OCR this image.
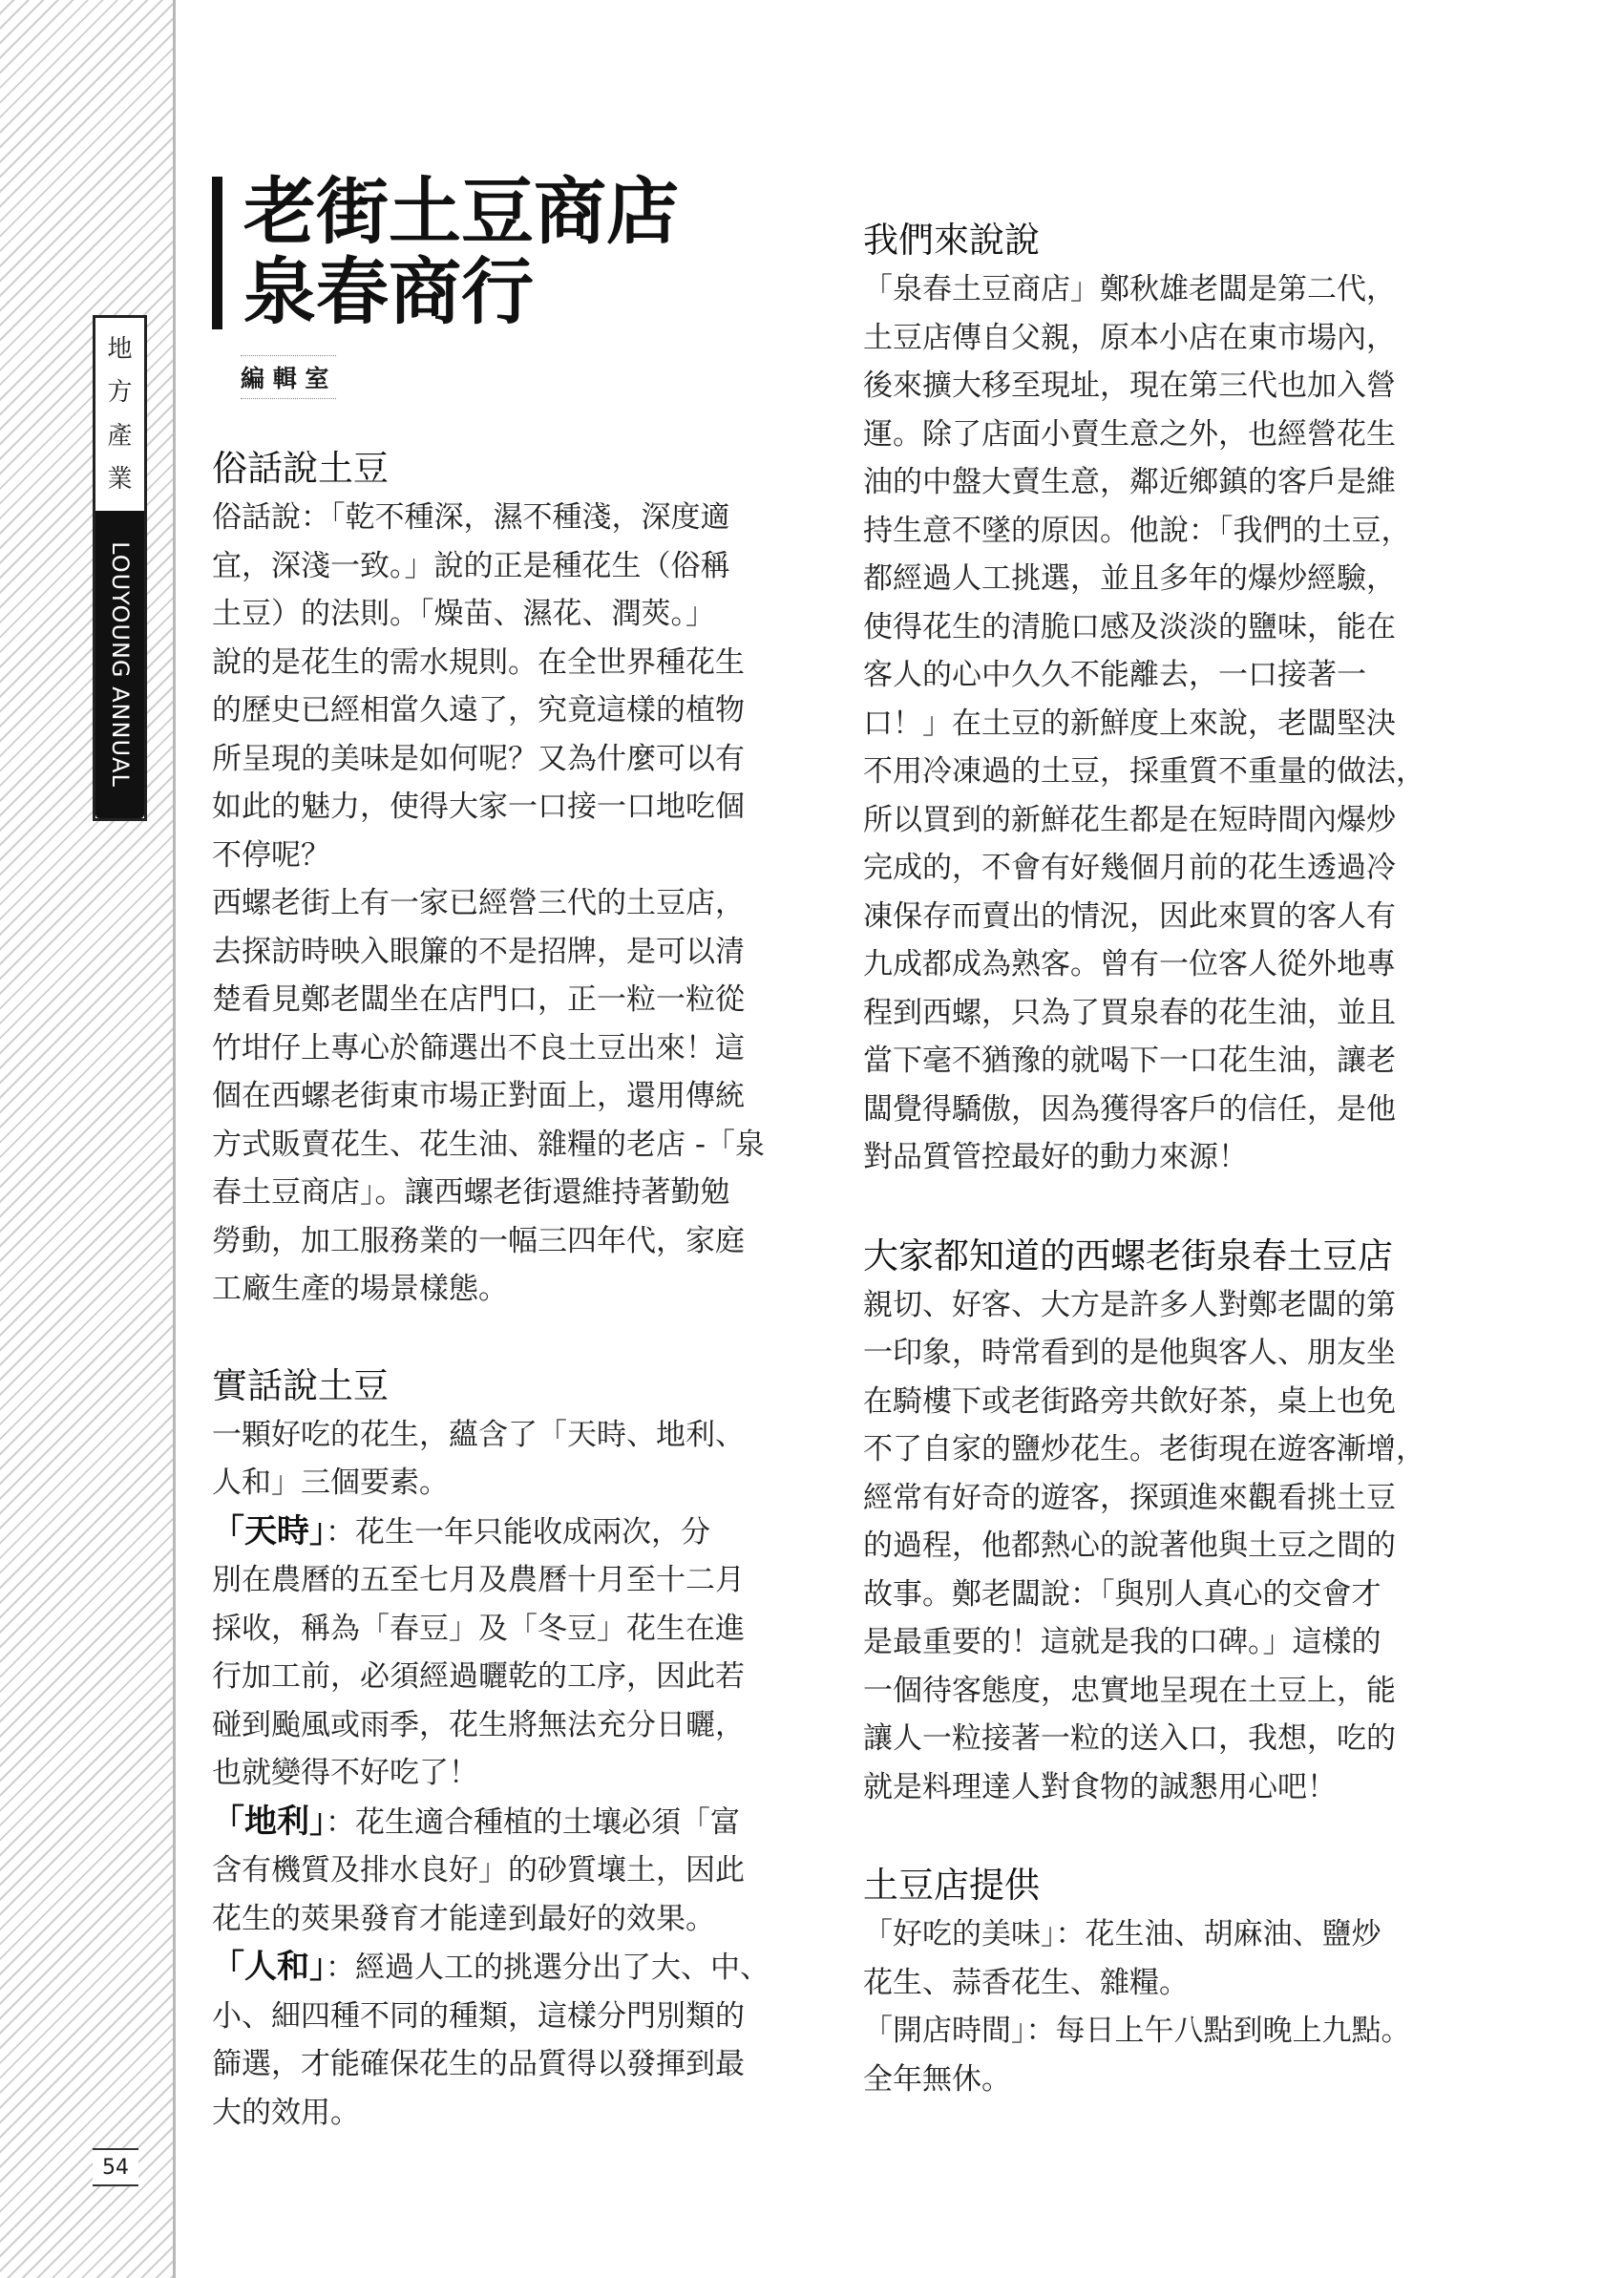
地
方
產
業
LOUYOUNG ANNUAL
54
老街土豆商店
泉春商行
編 輯 室
俗話說土豆

俗話說：「乾不種深，濕不種淺，深度適
宜，深淺一致。」說的正是種花生（俗稱
土豆）的法則。「燥苗、濕花、潤莢。」
說的是花生的需水規則。在全世界種花生
的歷史已經相當久遠了，究竟這樣的植物
所呈現的美味是如何呢？又為什麼可以有
如此的魅力，使得大家一口接一口地吃個
不停呢？

西螺老街上有一家已經營三代的土豆店，
去探訪時映入眼簾的不是招牌，是可以清
楚看見鄭老闆坐在店門口，正一粒一粒從
竹坩仔上專心於篩選出不良土豆出來！這
個在西螺老街東市場正對面上，還用傳統
方式販賣花生、花生油、雜糧的老店 -「泉
春土豆商店」。讓西螺老街還維持著勤勉
勞動，加工服務業的一幅三四年代，家庭
工廠生產的場景樣態。

實話說土豆

一顆好吃的花生，蘊含了「天時、地利、
人和」三個要素。

「天時」：花生一年只能收成兩次，分
別在農曆的五至七月及農曆十月至十二月
採收，稱為「春豆」及「冬豆」花生在進
行加工前，必須經過曬乾的工序，因此若
碰到颱風或雨季，花生將無法充分日曬，
也就變得不好吃了！

「地利」：花生適合種植的土壤必須「富
含有機質及排水良好」的砂質壤土，因此
花生的莢果發育才能達到最好的效果。

「人和」：經過人工的挑選分出了大、中、
小、細四種不同的種類，這樣分門別類的
篩選，才能確保花生的品質得以發揮到最
大的效用。

我們來說說

「泉春土豆商店」鄭秋雄老闆是第二代，
土豆店傳自父親，原本小店在東市場內，
後來擴大移至現址，現在第三代也加入營
運。除了店面小賣生意之外，也經營花生
油的中盤大賣生意，鄰近鄉鎮的客戶是維
持生意不墜的原因。他說：「我們的土豆，
都經過人工挑選，並且多年的爆炒經驗，
使得花生的清脆口感及淡淡的鹽味，能在
客人的心中久久不能離去，一口接著一
口！」在土豆的新鮮度上來說，老闆堅決
不用冷凍過的土豆，採重質不重量的做法，
所以買到的新鮮花生都是在短時間內爆炒
完成的，不會有好幾個月前的花生透過冷
凍保存而賣出的情況，因此來買的客人有
九成都成為熟客。曾有一位客人從外地專
程到西螺，只為了買泉春的花生油，並且
當下毫不猶豫的就喝下一口花生油，讓老
闆覺得驕傲，因為獲得客戶的信任，是他
對品質管控最好的動力來源！

大家都知道的西螺老街泉春土豆店

親切、好客、大方是許多人對鄭老闆的第
一印象，時常看到的是他與客人、朋友坐
在騎樓下或老街路旁共飲好茶，桌上也免
不了自家的鹽炒花生。老街現在遊客漸增，
經常有好奇的遊客，探頭進來觀看挑土豆
的過程，他都熱心的說著他與土豆之間的
故事。鄭老闆說：「與別人真心的交會才
是最重要的！這就是我的口碑。」這樣的
一個待客態度，忠實地呈現在土豆上，能
讓人一粒接著一粒的送入口，我想，吃的
就是料理達人對食物的誠懇用心吧！

土豆店提供

「好吃的美味」：花生油、胡麻油、鹽炒
花生、蒜香花生、雜糧。

「開店時間」：每日上午八點到晚上九點。
全年無休。
